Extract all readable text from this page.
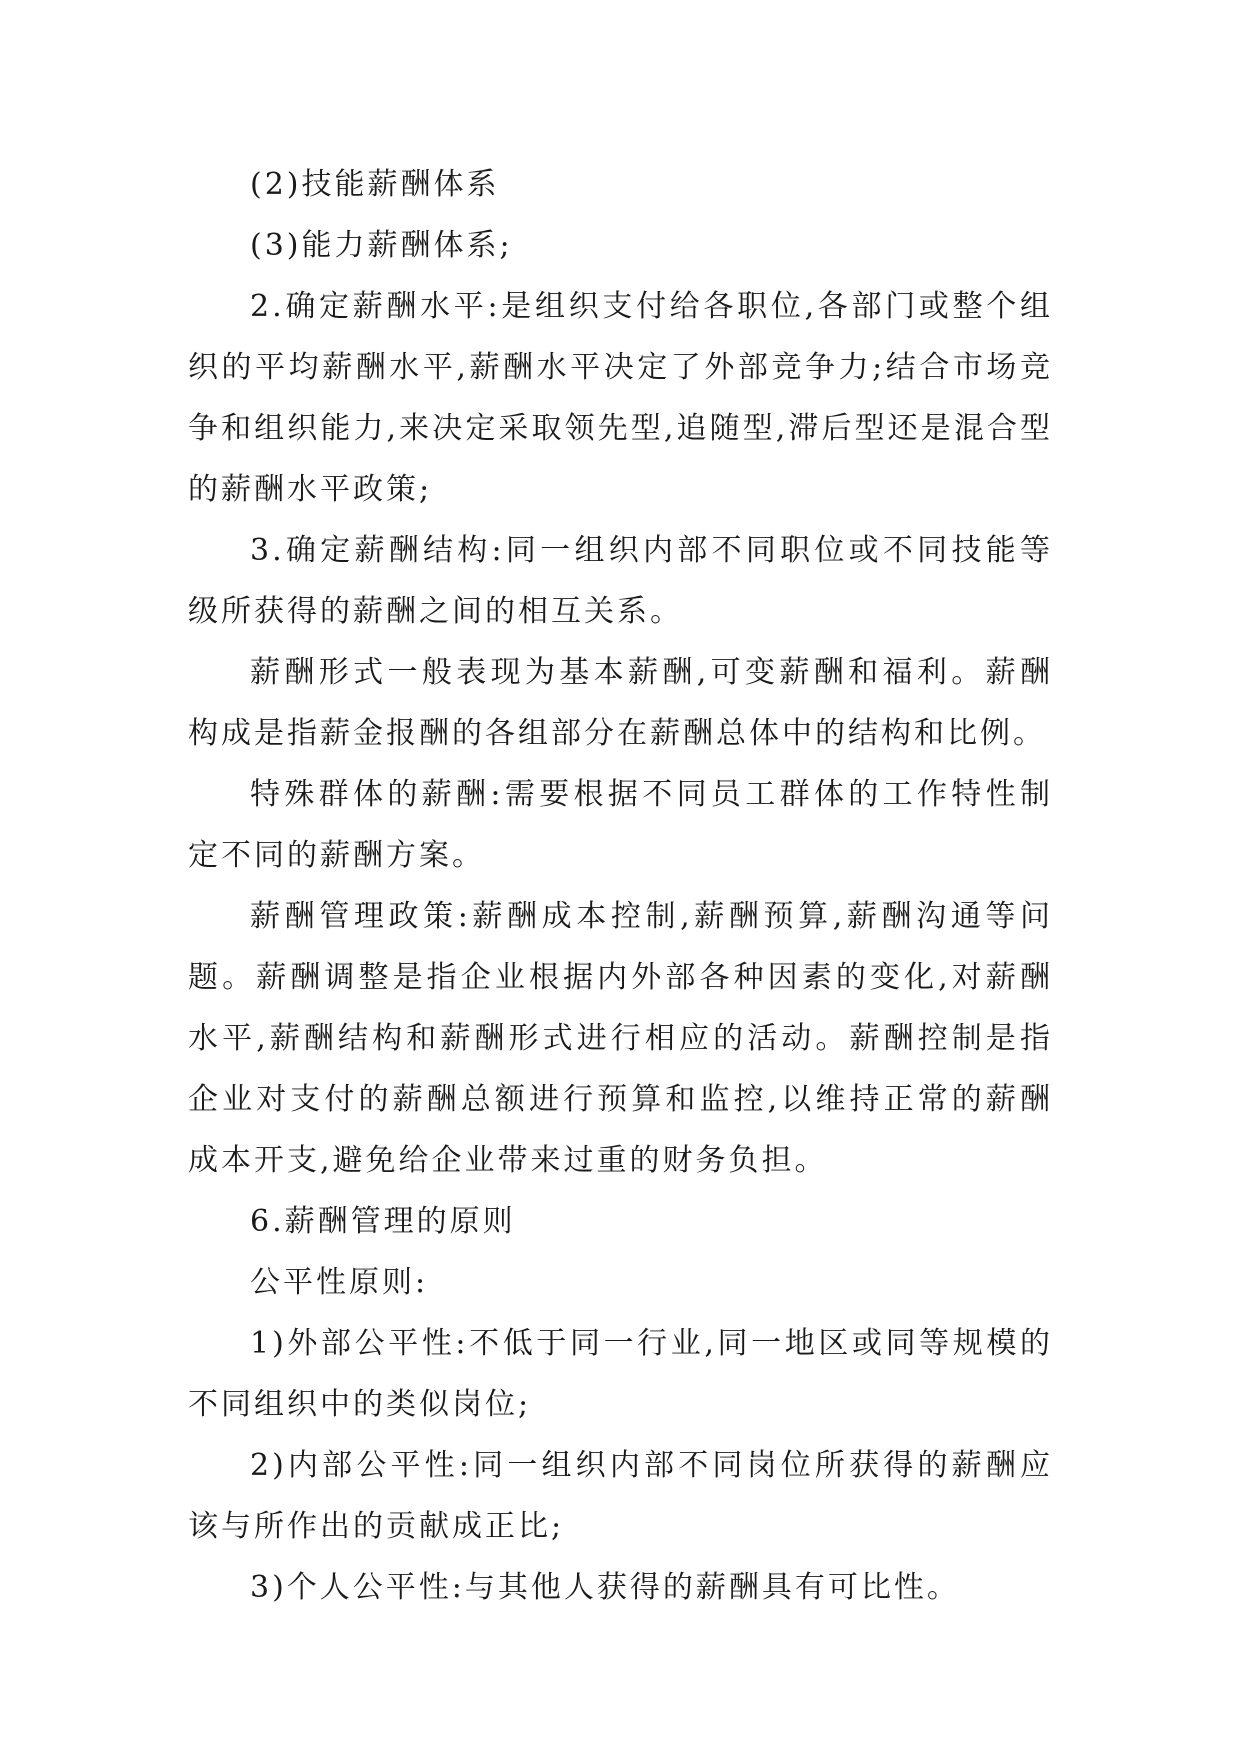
(2)技能薪酬体系

(3)能力薪酬体系;

2.确定薪酬水平:是组织支付给各职位,各部门或整个组织的平均薪酬水平,薪酬水平决定了外部竞争力;结合市场竞争和组织能力,来决定采取领先型,追随型,滞后型还是混合型的薪酬水平政策;

3.确定薪酬结构:同一组织内部不同职位或不同技能等级所获得的薪酬之间的相互关系。

薪酬形式一般表现为基本薪酬,可变薪酬和福利。薪酬构成是指薪金报酬的各组部分在薪酬总体中的结构和比例。

特殊群体的薪酬:需要根据不同员工群体的工作特性制定不同的薪酬方案。

薪酬管理政策:薪酬成本控制,薪酬预算,薪酬沟通等问题。薪酬调整是指企业根据内外部各种因素的变化,对薪酬水平,薪酬结构和薪酬形式进行相应的活动。薪酬控制是指企业对支付的薪酬总额进行预算和监控,以维持正常的薪酬成本开支,避免给企业带来过重的财务负担。

6.薪酬管理的原则

公平性原则:

1)外部公平性:不低于同一行业,同一地区或同等规模的不同组织中的类似岗位;

2)内部公平性:同一组织内部不同岗位所获得的薪酬应该与所作出的贡献成正比;

3)个人公平性:与其他人获得的薪酬具有可比性。
